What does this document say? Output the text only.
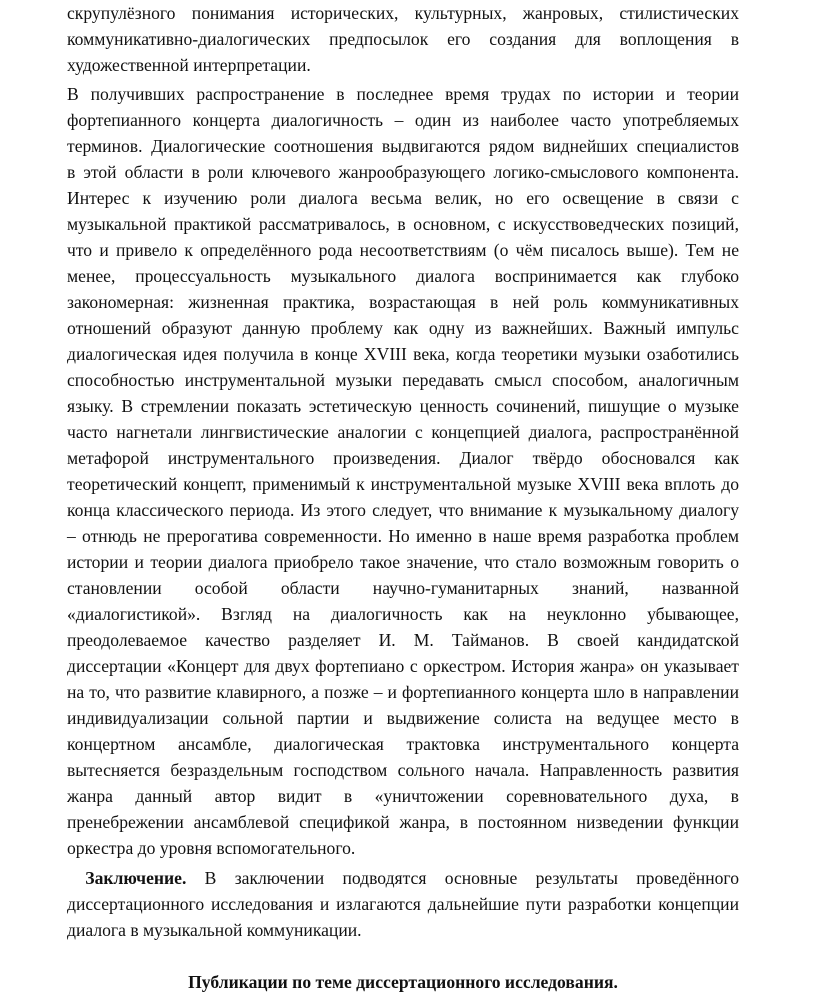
скрупулёзного понимания исторических, культурных, жанровых, стилистических
коммуникативно-диалогических предпосылок его создания для воплощения в
художественной интерпретации.
В получивших распространение в последнее время трудах по истории и теории
фортепианного концерта диалогичность – один из наиболее часто употребляемых
терминов. Диалогические соотношения выдвигаются рядом виднейших специалистов
в этой области в роли ключевого жанрообразующего логико-смыслового компонента.
Интерес к изучению роли диалога весьма велик, но его освещение в связи с
музыкальной практикой рассматривалось, в основном, с искусствоведческих позиций,
что и привело к определённого рода несоответствиям (о чём писалось выше). Тем не
менее, процессуальность музыкального диалога воспринимается как глубоко
закономерная: жизненная практика, возрастающая в ней роль коммуникативных
отношений образуют данную проблему как одну из важнейших. Важный импульс
диалогическая идея получила в конце XVIII века, когда теоретики музыки озаботились
способностью инструментальной музыки передавать смысл способом, аналогичным
языку. В стремлении показать эстетическую ценность сочинений, пишущие о музыке
часто нагнетали лингвистические аналогии с концепцией диалога, распространённой
метафорой инструментального произведения. Диалог твёрдо обосновался как
теоретический концепт, применимый к инструментальной музыке XVIII века вплоть до
конца классического периода. Из этого следует, что внимание к музыкальному диалогу
– отнюдь не прерогатива современности. Но именно в наше время разработка проблем
истории и теории диалога приобрело такое значение, что стало возможным говорить о
становлении особой области научно-гуманитарных знаний, названной
«диалогистикой». Взгляд на диалогичность как на неуклонно убывающее,
преодолеваемое качество разделяет И. М. Тайманов. В своей кандидатской
диссертации «Концерт для двух фортепиано с оркестром. История жанра» он указывает
на то, что развитие клавирного, а позже – и фортепианного концерта шло в направлении
индивидуализации сольной партии и выдвижение солиста на ведущее место в
концертном ансамбле, диалогическая трактовка инструментального концерта
вытесняется безраздельным господством сольного начала. Направленность развития
жанра данный автор видит в «уничтожении соревновательного духа, в
пренебрежении ансамблевой спецификой жанра, в постоянном низведении функции
оркестра до уровня вспомогательного.
Заключение. В заключении подводятся основные результаты проведённого
диссертационного исследования и излагаются дальнейшие пути разработки концепции
диалога в музыкальной коммуникации.
Публикации по теме диссертационного исследования.
